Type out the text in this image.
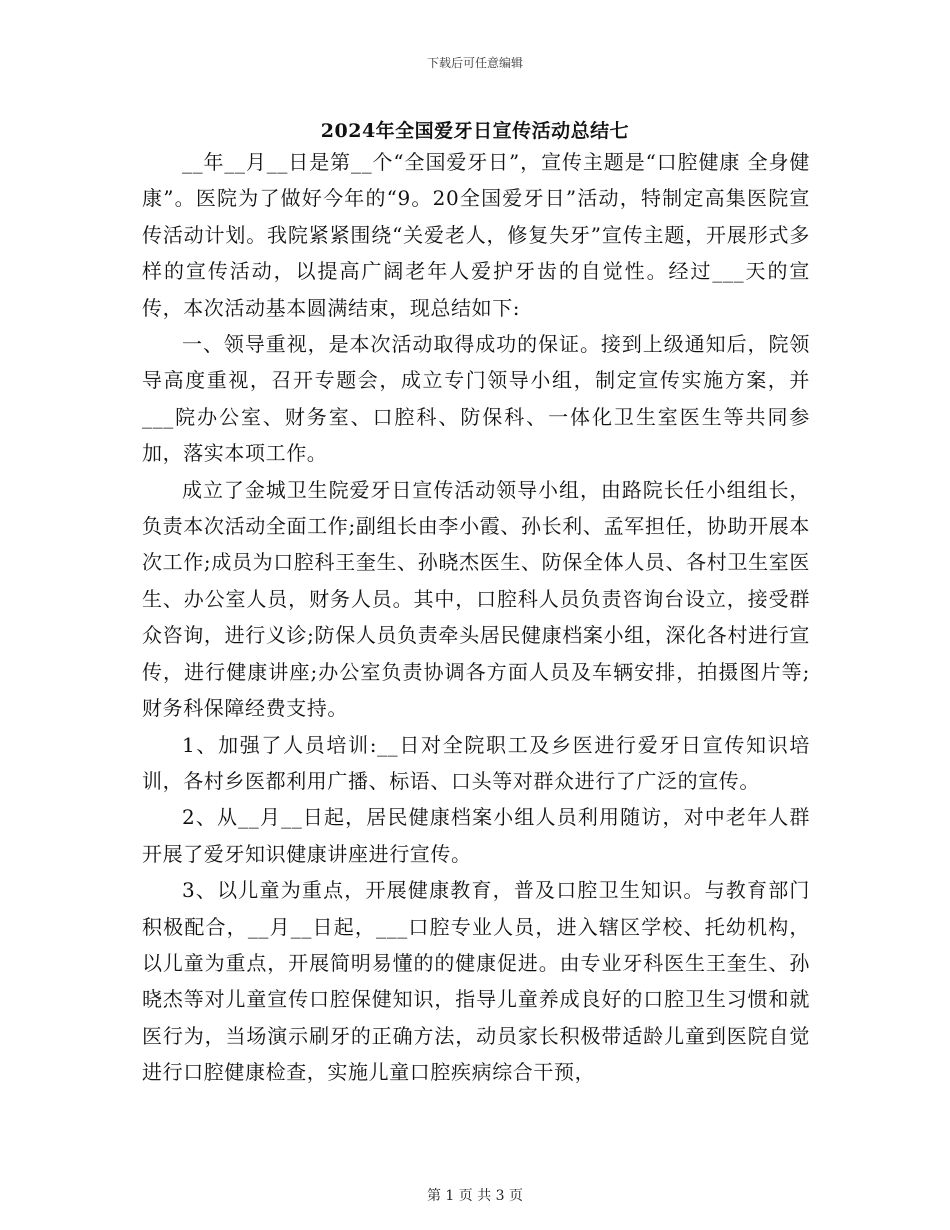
下载后可任意编辑
2024年全国爱牙日宣传活动总结七

__年__月__日是第__个“全国爱牙日”，宣传主题是“口腔健康 全身健康”。医院为了做好今年的“9。20全国爱牙日”活动，特制定高集医院宣传活动计划。我院紧紧围绕“关爱老人，修复失牙”宣传主题，开展形式多样的宣传活动，以提高广阔老年人爱护牙齿的自觉性。经过___天的宣传，本次活动基本圆满结束，现总结如下:

一、领导重视，是本次活动取得成功的保证。接到上级通知后，院领导高度重视，召开专题会，成立专门领导小组，制定宣传实施方案，并___院办公室、财务室、口腔科、防保科、一体化卫生室医生等共同参加，落实本项工作。

成立了金城卫生院爱牙日宣传活动领导小组，由路院长任小组组长，负责本次活动全面工作;副组长由李小霞、孙长利、孟军担任，协助开展本次工作;成员为口腔科王奎生、孙晓杰医生、防保全体人员、各村卫生室医生、办公室人员，财务人员。其中，口腔科人员负责咨询台设立，接受群众咨询，进行义诊;防保人员负责牵头居民健康档案小组，深化各村进行宣传，进行健康讲座;办公室负责协调各方面人员及车辆安排，拍摄图片等;财务科保障经费支持。

1、加强了人员培训:__日对全院职工及乡医进行爱牙日宣传知识培训，各村乡医都利用广播、标语、口头等对群众进行了广泛的宣传。

2、从__月__日起，居民健康档案小组人员利用随访，对中老年人群开展了爱牙知识健康讲座进行宣传。

3、以儿童为重点，开展健康教育，普及口腔卫生知识。与教育部门积极配合，__月__日起，___口腔专业人员，进入辖区学校、托幼机构，以儿童为重点，开展简明易懂的的健康促进。由专业牙科医生王奎生、孙晓杰等对儿童宣传口腔保健知识，指导儿童养成良好的口腔卫生习惯和就医行为，当场演示刷牙的正确方法，动员家长积极带适龄儿童到医院自觉进行口腔健康检查，实施儿童口腔疾病综合干预，

第 1 页 共 3 页
